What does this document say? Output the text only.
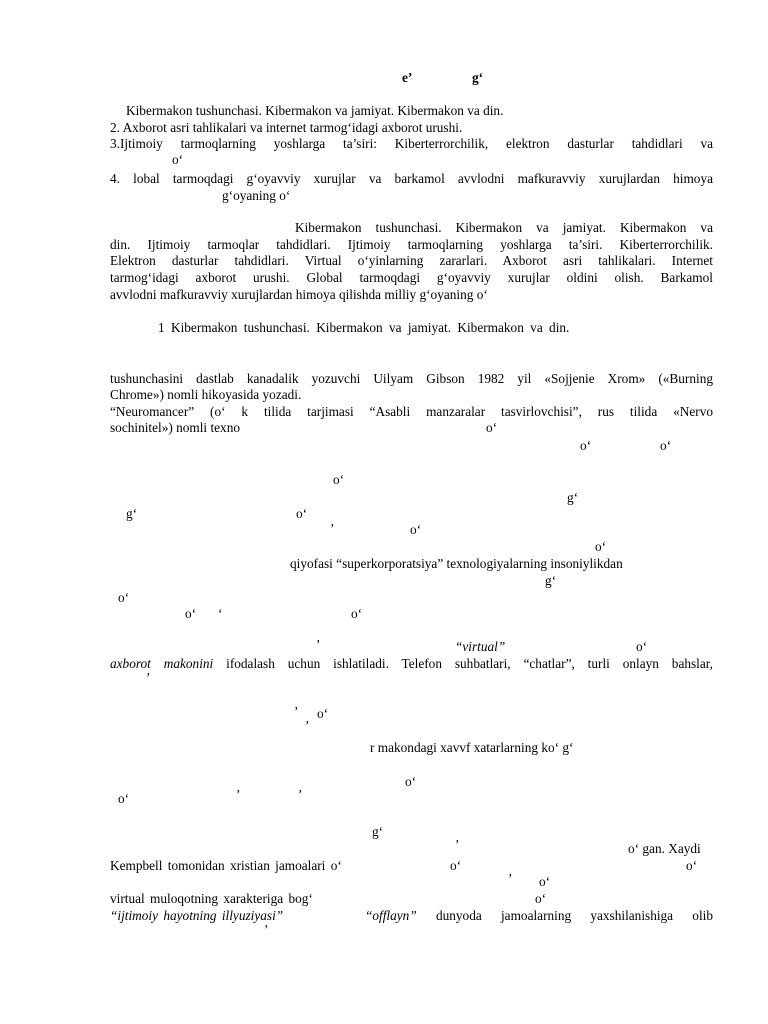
e’	g‘
Kibermakon tushunchasi. Kibermakon va jamiyat. Kibermakon va din.
2. Axborot asri tahlikalari va internet tarmog‘idagi axborot urushi.
3.Ijtimoiy tarmoqlarning yoshlarga ta’siri: Kiberterrorchilik, elektron dasturlar tahdidlari va
o‘
4. lobal tarmoqdagi g‘oyavviy xurujlar va barkamol avvlodni mafkuravviy xurujlardan himoya
g‘oyaning o‘
Kibermakon tushunchasi. Kibermakon va jamiyat. Kibermakon va
din. Ijtimoiy tarmoqlar tahdidlari. Ijtimoiy tarmoqlarning yoshlarga ta’siri. Kiberterrorchilik.
Elektron dasturlar tahdidlari. Virtual o‘yinlarning zararlari. Axborot asri tahlikalari. Internet
tarmog‘idagi axborot urushi. Global tarmoqdagi g‘oyavviy xurujlar oldini olish. Barkamol
avvlodni mafkuravviy xurujlardan himoya qilishda milliy g‘oyaning o‘
1 Kibermakon tushunchasi. Kibermakon va jamiyat. Kibermakon va din.
tushunchasini dastlab kanadalik yozuvchi Uilyam Gibson 1982 yil «Sojjenie Xrom» («Burning
Chrome») nomli hikoyasida yozadi.
“Neuromancer” (o‘ k tilida tarjimasi “Asabli manzaralar tasvirlovchisi”, rus tilida «Nervo
sochinitel») nomli texno	o‘
o‘	o‘
o‘
g‘
g‘	o‘
’	o‘
o‘
qiyofasi “superkorporatsiya” texnologiyalarning insoniylikdan
g‘
o‘
o‘ ‘	o‘
’	“virtual”	o‘
axborot makonini ifodalash uchun ishlatiladi. Telefon suhbatlari, “chatlar”, turli onlayn bahslar,
’
’ o‘
’
r makondagi xavvf xatarlarning ko‘ g‘
o‘
o‘	’	’
g‘
’	o‘ gan. Xaydi
Kempbell tomonidan xristian jamoalari o‘	o‘	o‘
’ o‘
virtual muloqotning xarakteriga bog‘	o‘
“ijtimoiy hayotning illyuziyasi”	“offlayn” dunyoda jamoalarning yaxshilanishiga olib
’
